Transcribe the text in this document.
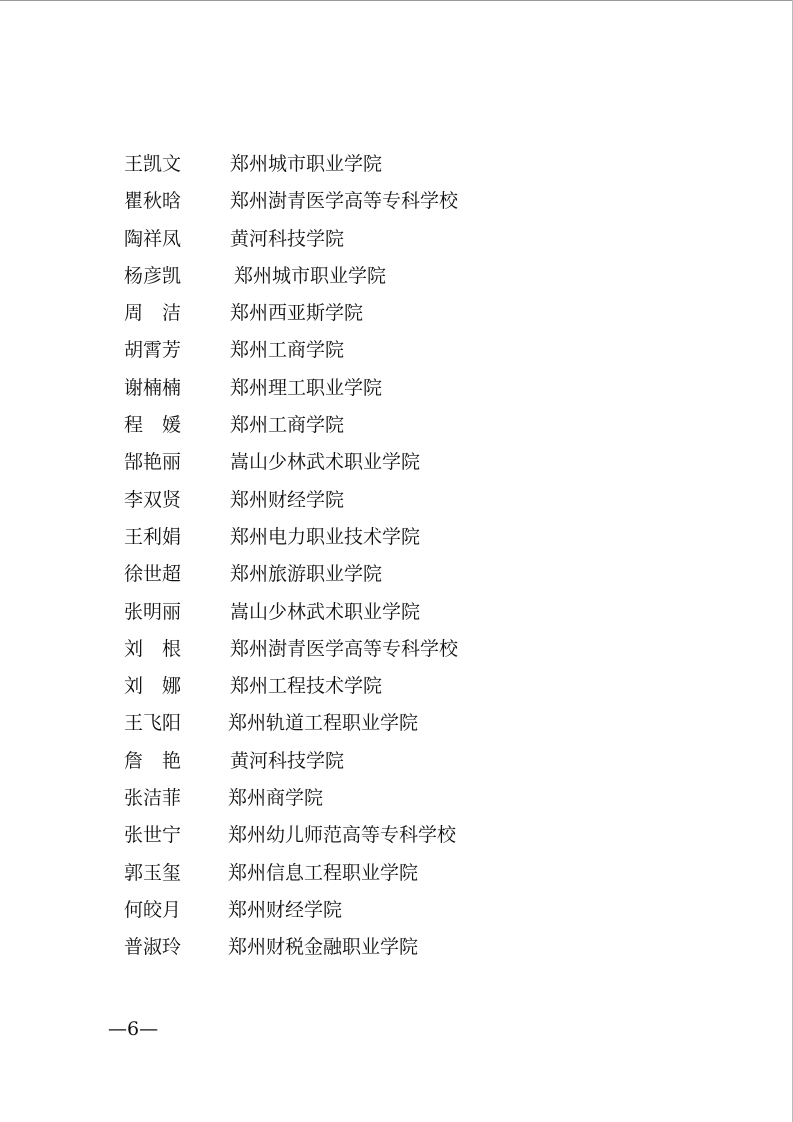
王凯文	郑州城市职业学院
瞿秋晗	郑州澍青医学高等专科学校
陶祥凤	黄河科技学院
杨彦凯	郑州城市职业学院
周　洁	郑州西亚斯学院
胡霄芳	郑州工商学院
谢楠楠	郑州理工职业学院
程　媛	郑州工商学院
郜艳丽	嵩山少林武术职业学院
李双贤	郑州财经学院
王利娟	郑州电力职业技术学院
徐世超	郑州旅游职业学院
张明丽	嵩山少林武术职业学院
刘　根	郑州澍青医学高等专科学校
刘　娜	郑州工程技术学院
王飞阳 郑州轨道工程职业学院
詹　艳	黄河科技学院
张洁菲 郑州商学院
张世宁 郑州幼儿师范高等专科学校
郭玉玺 郑州信息工程职业学院
何皎月 郑州财经学院
普淑玲 郑州财税金融职业学院
—6—
